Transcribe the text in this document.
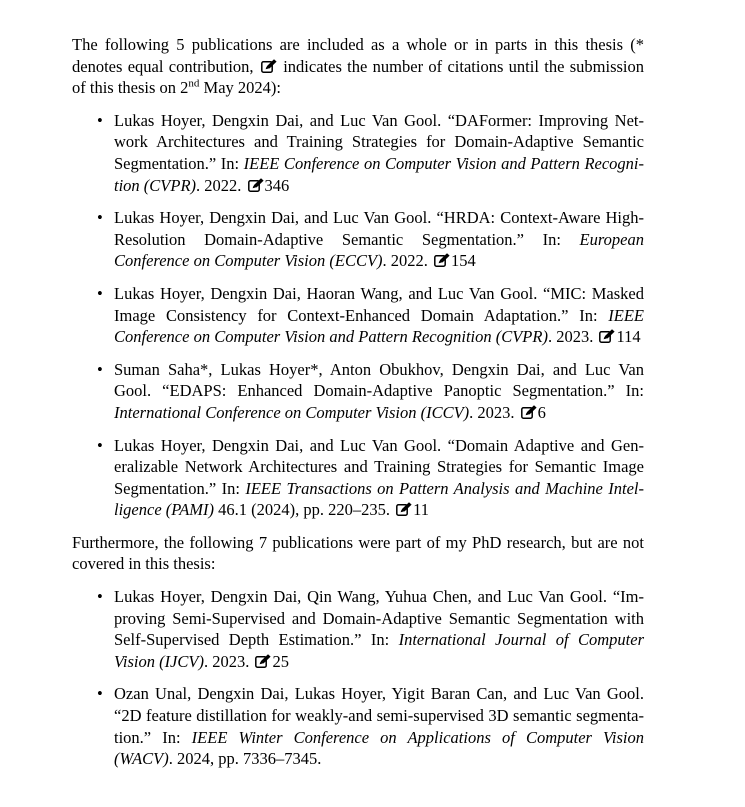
The following 5 publications are included as a whole or in parts in this thesis (* denotes equal contribution, indicates the number of citations until the submission of this thesis on 2nd May 2024):

• Lukas Hoyer, Dengxin Dai, and Luc Van Gool. “DAFormer: Improving Network Architectures and Training Strategies for Domain-Adaptive Semantic Segmentation.” In: IEEE Conference on Computer Vision and Pattern Recognition (CVPR). 2022. 346
• Lukas Hoyer, Dengxin Dai, and Luc Van Gool. “HRDA: Context-Aware High-Resolution Domain-Adaptive Semantic Segmentation.” In: European Conference on Computer Vision (ECCV). 2022. 154
• Lukas Hoyer, Dengxin Dai, Haoran Wang, and Luc Van Gool. “MIC: Masked Image Consistency for Context-Enhanced Domain Adaptation.” In: IEEE Conference on Computer Vision and Pattern Recognition (CVPR). 2023. 114
• Suman Saha*, Lukas Hoyer*, Anton Obukhov, Dengxin Dai, and Luc Van Gool. “EDAPS: Enhanced Domain-Adaptive Panoptic Segmentation.” In: International Conference on Computer Vision (ICCV). 2023. 6
• Lukas Hoyer, Dengxin Dai, and Luc Van Gool. “Domain Adaptive and Generalizable Network Architectures and Training Strategies for Semantic Image Segmentation.” In: IEEE Transactions on Pattern Analysis and Machine Intelligence (PAMI) 46.1 (2024), pp. 220–235. 11

Furthermore, the following 7 publications were part of my PhD research, but are not covered in this thesis:

• Lukas Hoyer, Dengxin Dai, Qin Wang, Yuhua Chen, and Luc Van Gool. “Improving Semi-Supervised and Domain-Adaptive Semantic Segmentation with Self-Supervised Depth Estimation.” In: International Journal of Computer Vision (IJCV). 2023. 25
• Ozan Unal, Dengxin Dai, Lukas Hoyer, Yigit Baran Can, and Luc Van Gool. “2D feature distillation for weakly-and semi-supervised 3D semantic segmentation.” In: IEEE Winter Conference on Applications of Computer Vision (WACV). 2024, pp. 7336–7345.
